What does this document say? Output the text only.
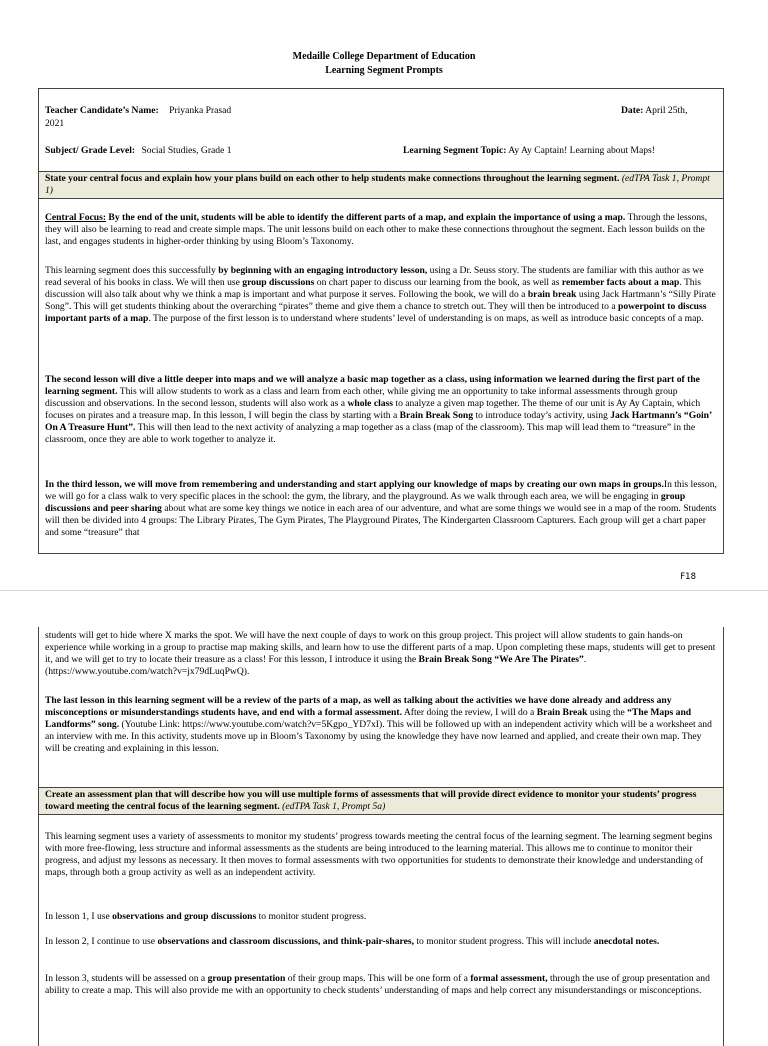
Medaille College Department of Education
Learning Segment Prompts
Teacher Candidate’s Name: Priyanka Prasad	Date: April 25th,
2021
Subject/ Grade Level: Social Studies, Grade 1	Learning Segment Topic: Ay Ay Captain! Learning about Maps!
State your central focus and explain how your plans build on each other to help students make connections throughout the learning segment. (edTPA Task 1, Prompt 1)

Central Focus: By the end of the unit, students will be able to identify the different parts of a map, and explain the importance of using a map. Through the lessons, they will also be learning to read and create simple maps. The unit lessons build on each other to make these connections throughout the segment. Each lesson builds on the last, and engages students in higher-order thinking by using Bloom’s Taxonomy.

This learning segment does this successfully by beginning with an engaging introductory lesson, using a Dr. Seuss story. The students are familiar with this author as we read several of his books in class. We will then use group discussions on chart paper to discuss our learning from the book, as well as remember facts about a map. This discussion will also talk about why we think a map is important and what purpose it serves. Following the book, we will do a brain break using Jack Hartmann’s “Silly Pirate Song”. This will get students thinking about the overarching “pirates” theme and give them a chance to stretch out. They will then be introduced to a powerpoint to discuss important parts of a map. The purpose of the first lesson is to understand where students’ level of understanding is on maps, as well as introduce basic concepts of a map.

The second lesson will dive a little deeper into maps and we will analyze a basic map together as a class, using information we learned during the first part of the learning segment. This will allow students to work as a class and learn from each other, while giving me an opportunity to take informal assessments through group discussion and observations. In the second lesson, students will also work as a whole class to analyze a given map together. The theme of our unit is Ay Ay Captain, which focuses on pirates and a treasure map. In this lesson, I will begin the class by starting with a Brain Break Song to introduce today’s activity, using Jack Hartmann’s “Goin’ On A Treasure Hunt”. This will then lead to the next activity of analyzing a map together as a class (map of the classroom). This map will lead them to “treasure” in the classroom, once they are able to work together to analyze it.

In the third lesson, we will move from remembering and understanding and start applying our knowledge of maps by creating our own maps in groups.In this lesson, we will go for a class walk to very specific places in the school: the gym, the library, and the playground. As we walk through each area, we will be engaging in group discussions and peer sharing about what are some key things we notice in each area of our adventure, and what are some things we would see in a map of the room. Students will then be divided into 4 groups: The Library Pirates, The Gym Pirates, The Playground Pirates, The Kindergarten Classroom Capturers. Each group will get a chart paper and some “treasure” that

F18

students will get to hide where X marks the spot. We will have the next couple of days to work on this group project. This project will allow students to gain hands-on experience while working in a group to practise map making skills, and learn how to use the different parts of a map. Upon completing these maps, students will get to present it, and we will get to try to locate their treasure as a class! For this lesson, I introduce it using the Brain Break Song “We Are The Pirates”. (https://www.youtube.com/watch?v=jx79dLuqPwQ).

The last lesson in this learning segment will be a review of the parts of a map, as well as talking about the activities we have done already and address any misconceptions or misunderstandings students have, and end with a formal assessment. After doing the review, I will do a Brain Break using the “The Maps and Landforms” song. (Youtube Link: https://www.youtube.com/watch?v=5Kgpo_YD7xI). This will be followed up with an independent activity which will be a worksheet and an interview with me. In this activity, students move up in Bloom’s Taxonomy by using the knowledge they have now learned and applied, and create their own map. They will be creating and explaining in this lesson.

Create an assessment plan that will describe how you will use multiple forms of assessments that will provide direct evidence to monitor your students’ progress toward meeting the central focus of the learning segment. (edTPA Task 1, Prompt 5a)

This learning segment uses a variety of assessments to monitor my students’ progress towards meeting the central focus of the learning segment. The learning segment begins with more free-flowing, less structure and informal assessments as the students are being introduced to the learning material. This allows me to continue to monitor their progress, and adjust my lessons as necessary. It then moves to formal assessments with two opportunities for students to demonstrate their knowledge and understanding of maps, through both a group activity as well as an independent activity.

In lesson 1, I use observations and group discussions to monitor student progress.

In lesson 2, I continue to use observations and classroom discussions, and think-pair-shares, to monitor student progress. This will include anecdotal notes.

In lesson 3, students will be assessed on a group presentation of their group maps. This will be one form of a formal assessment, through the use of group presentation and ability to create a map. This will also provide me with an opportunity to check students’ understanding of maps and help correct any misunderstandings or misconceptions.
